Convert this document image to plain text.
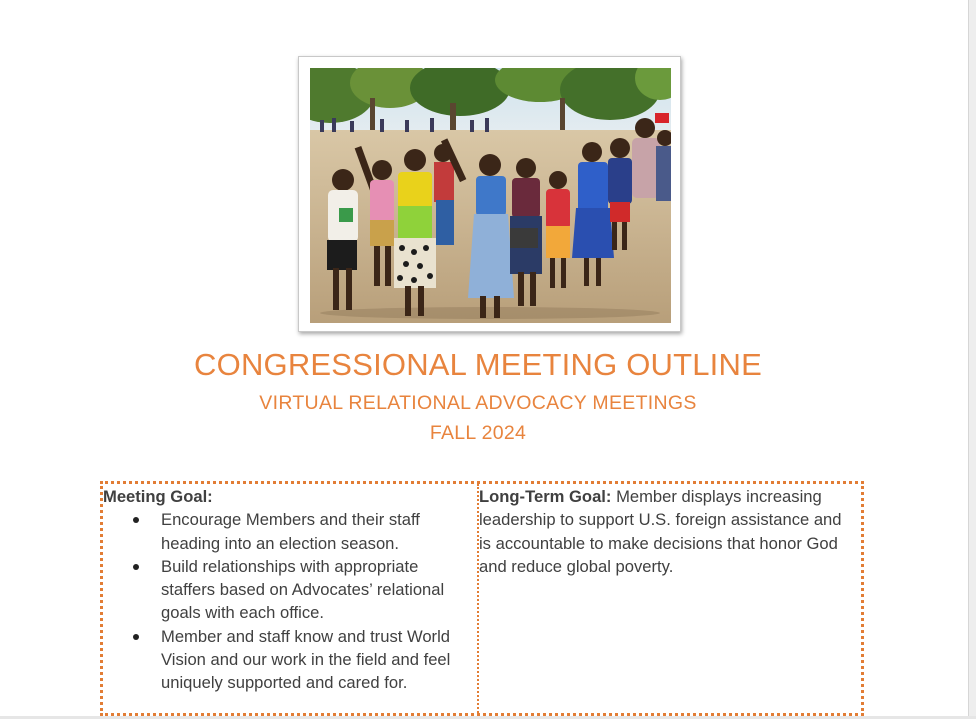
CONGRESSIONAL MEETING OUTLINE
VIRTUAL RELATIONAL ADVOCACY MEETINGS
FALL 2024
Meeting Goal:
Encourage Members and their staff heading into an election season.
Build relationships with appropriate staffers based on Advocates’ relational goals with each office.
Member and staff know and trust World Vision and our work in the field and feel uniquely supported and cared for.
Long-Term Goal: Member displays increasing leadership to support U.S. foreign assistance and is accountable to make decisions that honor God and reduce global poverty.
